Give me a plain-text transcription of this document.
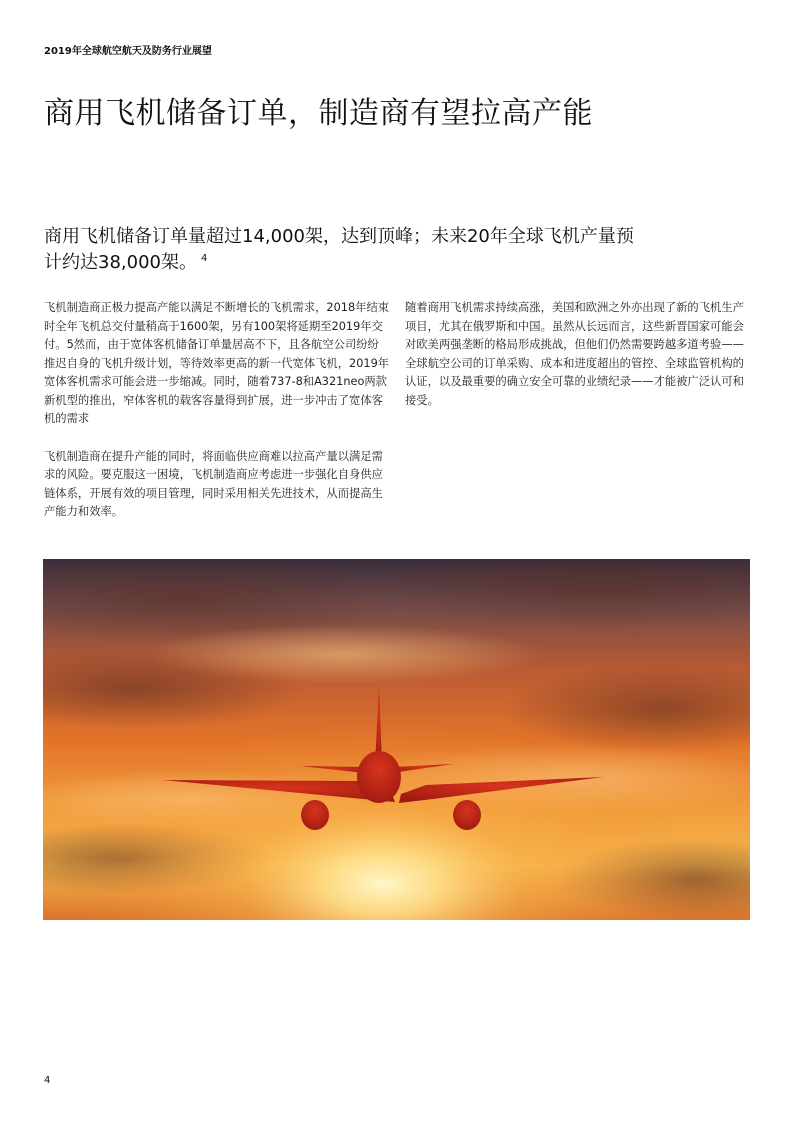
2019年全球航空航天及防务行业展望
商用飞机储备订单，制造商有望拉高产能

商用飞机储备订单量超过14,000架，达到顶峰；未来20年全球飞机产量预计约达38,000架。 $^4$

飞机制造商正极力提高产能以满足不断增长的飞机需求，2018年结束时全年飞机总交付量稍高于1600架，另有100架将延期至2019年交付。5然而，由于宽体客机储备订单量居高不下，且各航空公司纷纷推迟自身的飞机升级计划，等待效率更高的新一代宽体飞机，2019年宽体客机需求可能会进一步缩减。同时，随着737-8和A321neo两款新机型的推出，窄体客机的载客容量得到扩展，进一步冲击了宽体客机的需求

飞机制造商在提升产能的同时，将面临供应商难以拉高产量以满足需求的风险。要克服这一困境，飞机制造商应考虑进一步强化自身供应链体系，开展有效的项目管理，同时采用相关先进技术，从而提高生产能力和效率。

随着商用飞机需求持续高涨，美国和欧洲之外亦出现了新的飞机生产项目，尤其在俄罗斯和中国。虽然从长远而言，这些新晋国家可能会对欧美两强垄断的格局形成挑战，但他们仍然需要跨越多道考验——全球航空公司的订单采购、成本和进度超出的管控、全球监管机构的认证，以及最重要的确立安全可靠的业绩纪录——才能被广泛认可和接受。

4
